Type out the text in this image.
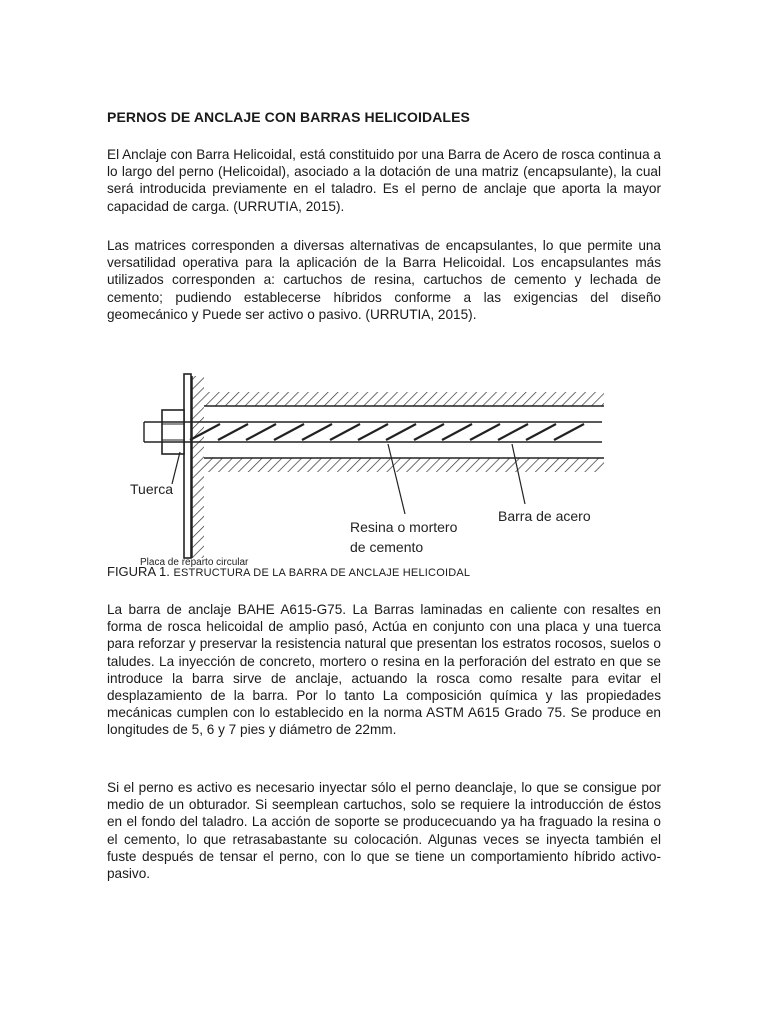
PERNOS DE ANCLAJE CON BARRAS HELICOIDALES

El Anclaje con Barra Helicoidal, está constituido por una Barra de Acero de rosca continua a lo largo del perno (Helicoidal), asociado a la dotación de una matriz (encapsulante), la cual será introducida previamente en el taladro. Es el perno de anclaje que aporta la mayor capacidad de carga. (URRUTIA, 2015).

Las matrices corresponden a diversas alternativas de encapsulantes, lo que permite una versatilidad operativa para la aplicación de la Barra Helicoidal. Los encapsulantes más utilizados corresponden a: cartuchos de resina, cartuchos de cemento y lechada de cemento; pudiendo establecerse híbridos conforme a las exigencias del diseño geomecánico y Puede ser activo o pasivo. (URRUTIA, 2015).

Tuerca
Resina o mortero
de cemento
Barra de acero
Placa de reparto circular
FIGURA 1. ESTRUCTURA DE LA BARRA DE ANCLAJE HELICOIDAL

La barra de anclaje BAHE A615-G75. La Barras laminadas en caliente con resaltes en forma de rosca helicoidal de amplio pasó, Actúa en conjunto con una placa y una tuerca para reforzar y preservar la resistencia natural que presentan los estratos rocosos, suelos o taludes. La inyección de concreto, mortero o resina en la perforación del estrato en que se introduce la barra sirve de anclaje, actuando la rosca como resalte para evitar el desplazamiento de la barra. Por lo tanto La composición química y las propiedades mecánicas cumplen con lo establecido en la norma ASTM A615 Grado 75. Se produce en longitudes de 5, 6 y 7 pies y diámetro de 22mm.

Si el perno es activo es necesario inyectar sólo el perno deanclaje, lo que se consigue por medio de un obturador. Si seemplean cartuchos, solo se requiere la introducción de éstos en el fondo del taladro. La acción de soporte se producecuando ya ha fraguado la resina o el cemento, lo que retrasabastante su colocación. Algunas veces se inyecta también el fuste después de tensar el perno, con lo que se tiene un comportamiento híbrido activo-pasivo.
